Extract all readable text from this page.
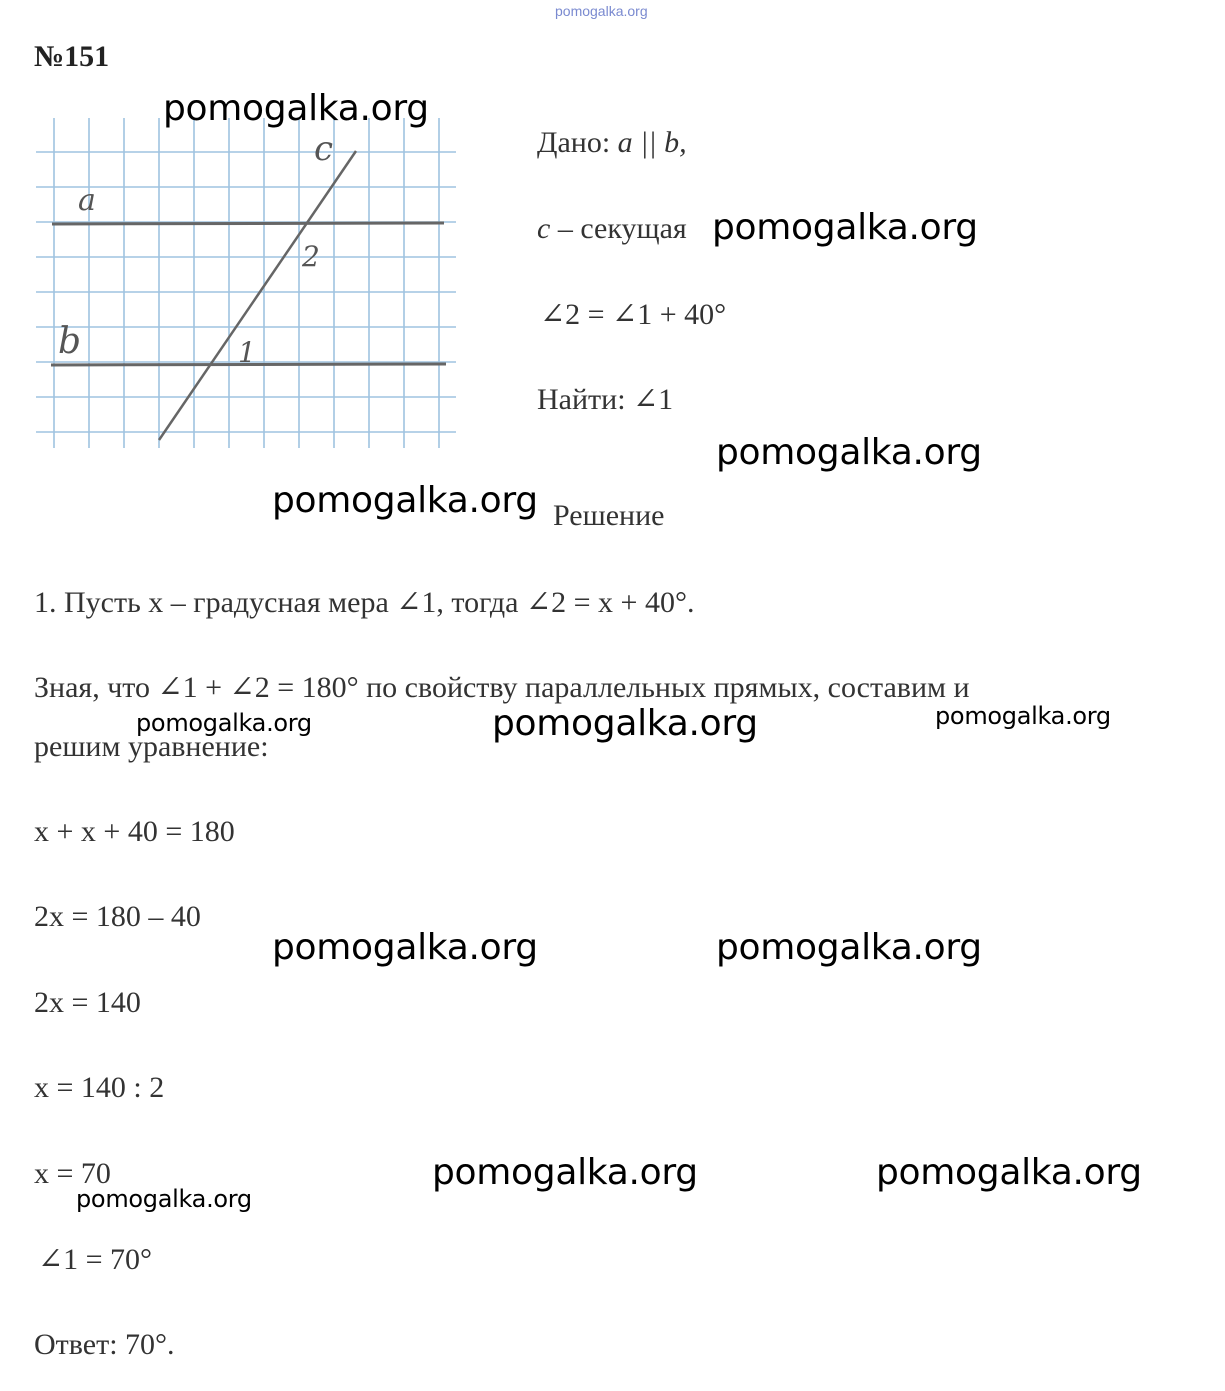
pomogalka.org
№151
c
a
b
2
1
Дано: a || b,
c – секущая
∠2 = ∠1 + 40°
Найти: ∠1
Решение
1. Пусть x – градусная мера ∠1, тогда ∠2 = x + 40°.
Зная, что ∠1 + ∠2 = 180° по свойству параллельных прямых, составим и
решим уравнение:
x + x + 40 = 180
2x = 180 – 40
2x = 140
x = 140 : 2
x = 70
∠1 = 70°
Ответ: 70°.
pomogalka.org
pomogalka.org
pomogalka.org
pomogalka.org
pomogalka.org	pomogalka.org	pomogalka.org
pomogalka.org	pomogalka.org
pomogalka.org	pomogalka.org
pomogalka.org
